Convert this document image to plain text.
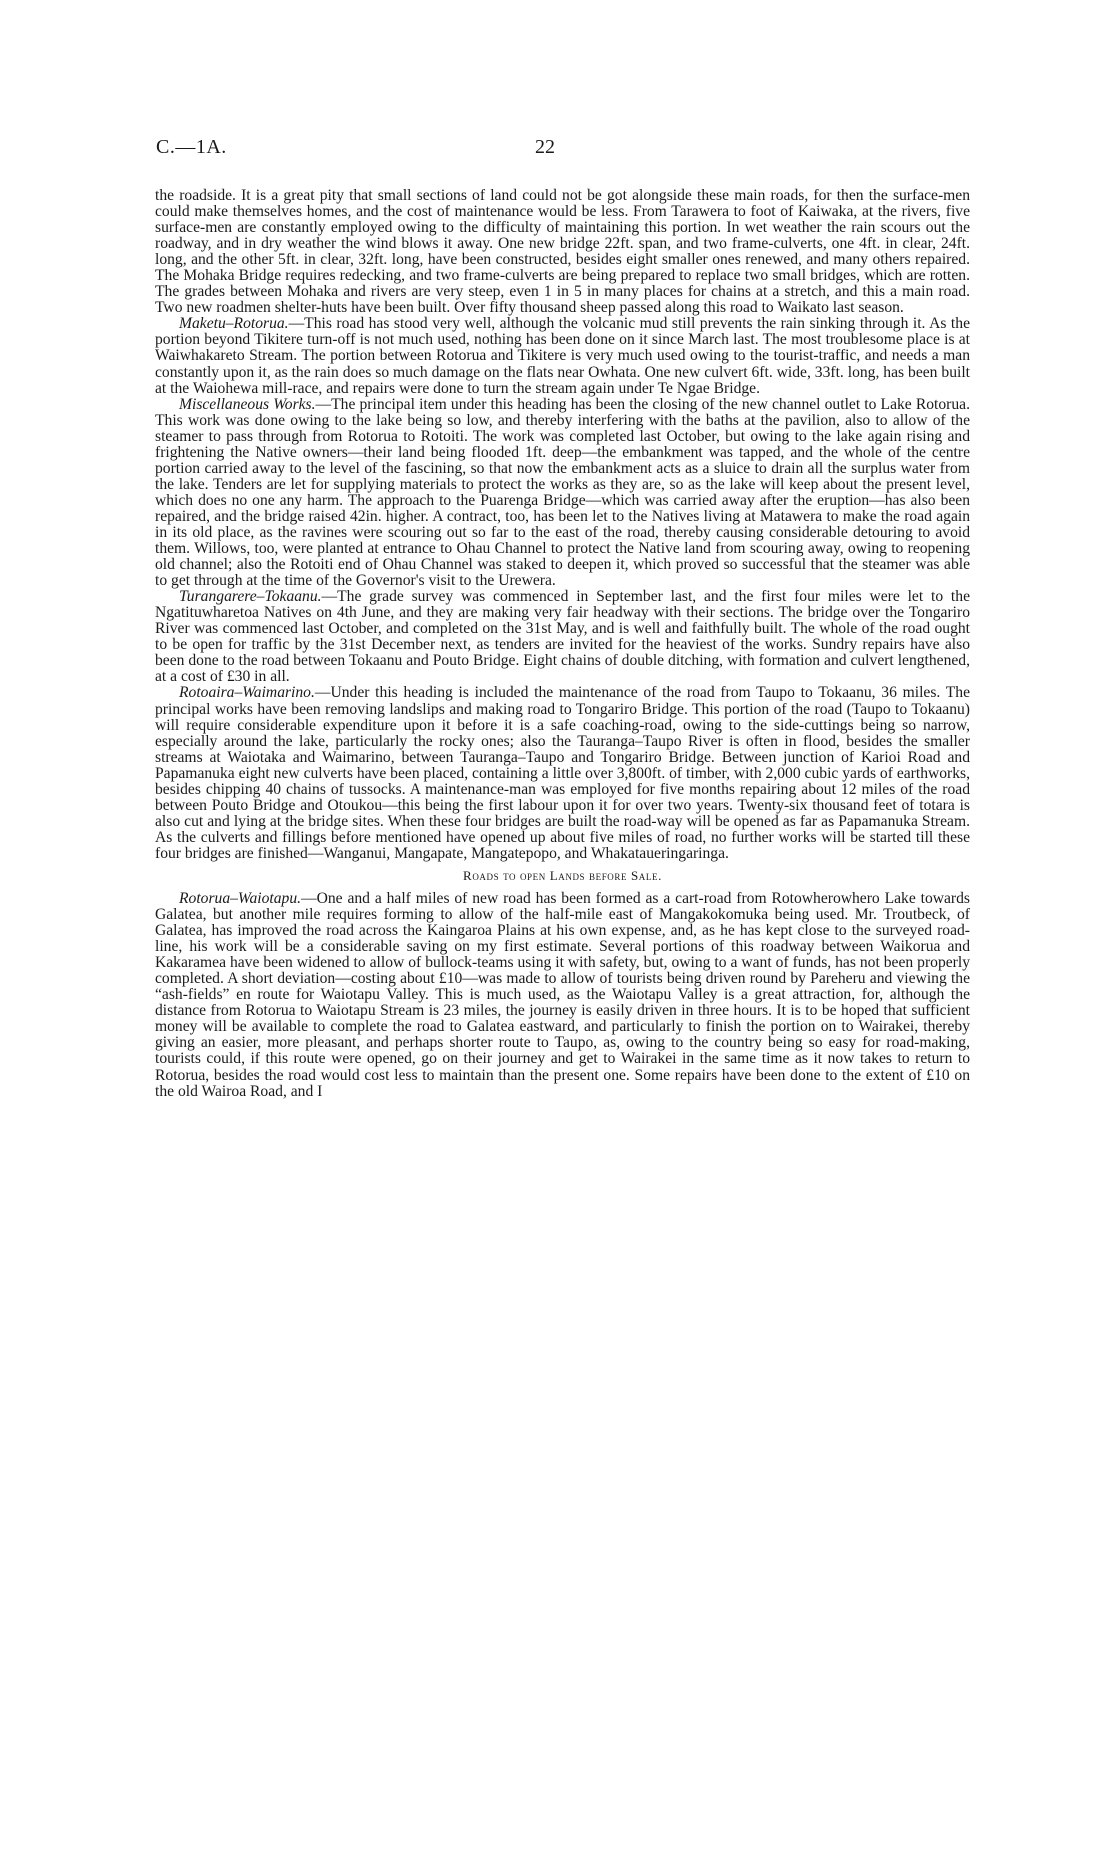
C.—1A.	22

the roadside. It is a great pity that small sections of land could not be got alongside these main roads, for then the surface-men could make themselves homes, and the cost of maintenance would be less. From Tarawera to foot of Kaiwaka, at the rivers, five surface-men are constantly employed owing to the difficulty of maintaining this portion. In wet weather the rain scours out the roadway, and in dry weather the wind blows it away. One new bridge 22ft. span, and two frame-culverts, one 4ft. in clear, 24ft. long, and the other 5ft. in clear, 32ft. long, have been constructed, besides eight smaller ones renewed, and many others repaired. The Mohaka Bridge requires redecking, and two frame-culverts are being prepared to replace two small bridges, which are rotten. The grades between Mohaka and rivers are very steep, even 1 in 5 in many places for chains at a stretch, and this a main road. Two new roadmen shelter-huts have been built. Over fifty thousand sheep passed along this road to Waikato last season.

Maketu–Rotorua.—This road has stood very well, although the volcanic mud still prevents the rain sinking through it. As the portion beyond Tikitere turn-off is not much used, nothing has been done on it since March last. The most troublesome place is at Waiwhakareto Stream. The portion between Rotorua and Tikitere is very much used owing to the tourist-traffic, and needs a man constantly upon it, as the rain does so much damage on the flats near Owhata. One new culvert 6ft. wide, 33ft. long, has been built at the Waiohewa mill-race, and repairs were done to turn the stream again under Te Ngae Bridge.

Miscellaneous Works.—The principal item under this heading has been the closing of the new channel outlet to Lake Rotorua. This work was done owing to the lake being so low, and thereby interfering with the baths at the pavilion, also to allow of the steamer to pass through from Rotorua to Rotoiti. The work was completed last October, but owing to the lake again rising and frightening the Native owners—their land being flooded 1ft. deep—the embankment was tapped, and the whole of the centre portion carried away to the level of the fascining, so that now the embankment acts as a sluice to drain all the surplus water from the lake. Tenders are let for supplying materials to protect the works as they are, so as the lake will keep about the present level, which does no one any harm. The approach to the Puarenga Bridge—which was carried away after the eruption—has also been repaired, and the bridge raised 42in. higher. A contract, too, has been let to the Natives living at Matawera to make the road again in its old place, as the ravines were scouring out so far to the east of the road, thereby causing considerable detouring to avoid them. Willows, too, were planted at entrance to Ohau Channel to protect the Native land from scouring away, owing to reopening old channel; also the Rotoiti end of Ohau Channel was staked to deepen it, which proved so successful that the steamer was able to get through at the time of the Governor's visit to the Urewera.

Turangarere–Tokaanu.—The grade survey was commenced in September last, and the first four miles were let to the Ngatituwharetoa Natives on 4th June, and they are making very fair headway with their sections. The bridge over the Tongariro River was commenced last October, and completed on the 31st May, and is well and faithfully built. The whole of the road ought to be open for traffic by the 31st December next, as tenders are invited for the heaviest of the works. Sundry repairs have also been done to the road between Tokaanu and Pouto Bridge. Eight chains of double ditching, with formation and culvert lengthened, at a cost of £30 in all.

Rotoaira–Waimarino.—Under this heading is included the maintenance of the road from Taupo to Tokaanu, 36 miles. The principal works have been removing landslips and making road to Tongariro Bridge. This portion of the road (Taupo to Tokaanu) will require considerable expenditure upon it before it is a safe coaching-road, owing to the side-cuttings being so narrow, especially around the lake, particularly the rocky ones; also the Tauranga–Taupo River is often in flood, besides the smaller streams at Waiotaka and Waimarino, between Tauranga–Taupo and Tongariro Bridge. Between junction of Karioi Road and Papamanuka eight new culverts have been placed, containing a little over 3,800ft. of timber, with 2,000 cubic yards of earthworks, besides chipping 40 chains of tussocks. A maintenance-man was employed for five months repairing about 12 miles of the road between Pouto Bridge and Otoukou—this being the first labour upon it for over two years. Twenty-six thousand feet of totara is also cut and lying at the bridge sites. When these four bridges are built the road-way will be opened as far as Papamanuka Stream. As the culverts and fillings before mentioned have opened up about five miles of road, no further works will be started till these four bridges are finished—Wanganui, Mangapate, Mangatepopo, and Whakataueringaringa.

Roads to open Lands before Sale.

Rotorua–Waiotapu.—One and a half miles of new road has been formed as a cart-road from Rotowherowhero Lake towards Galatea, but another mile requires forming to allow of the half-mile east of Mangakokomuka being used. Mr. Troutbeck, of Galatea, has improved the road across the Kaingaroa Plains at his own expense, and, as he has kept close to the surveyed road-line, his work will be a considerable saving on my first estimate. Several portions of this roadway between Waikorua and Kakaramea have been widened to allow of bullock-teams using it with safety, but, owing to a want of funds, has not been properly completed. A short deviation—costing about £10—was made to allow of tourists being driven round by Pareheru and viewing the “ash-fields” en route for Waiotapu Valley. This is much used, as the Waiotapu Valley is a great attraction, for, although the distance from Rotorua to Waiotapu Stream is 23 miles, the journey is easily driven in three hours. It is to be hoped that sufficient money will be available to complete the road to Galatea eastward, and particularly to finish the portion on to Wairakei, thereby giving an easier, more pleasant, and perhaps shorter route to Taupo, as, owing to the country being so easy for road-making, tourists could, if this route were opened, go on their journey and get to Wairakei in the same time as it now takes to return to Rotorua, besides the road would cost less to maintain than the present one. Some repairs have been done to the extent of £10 on the old Wairoa Road, and I
